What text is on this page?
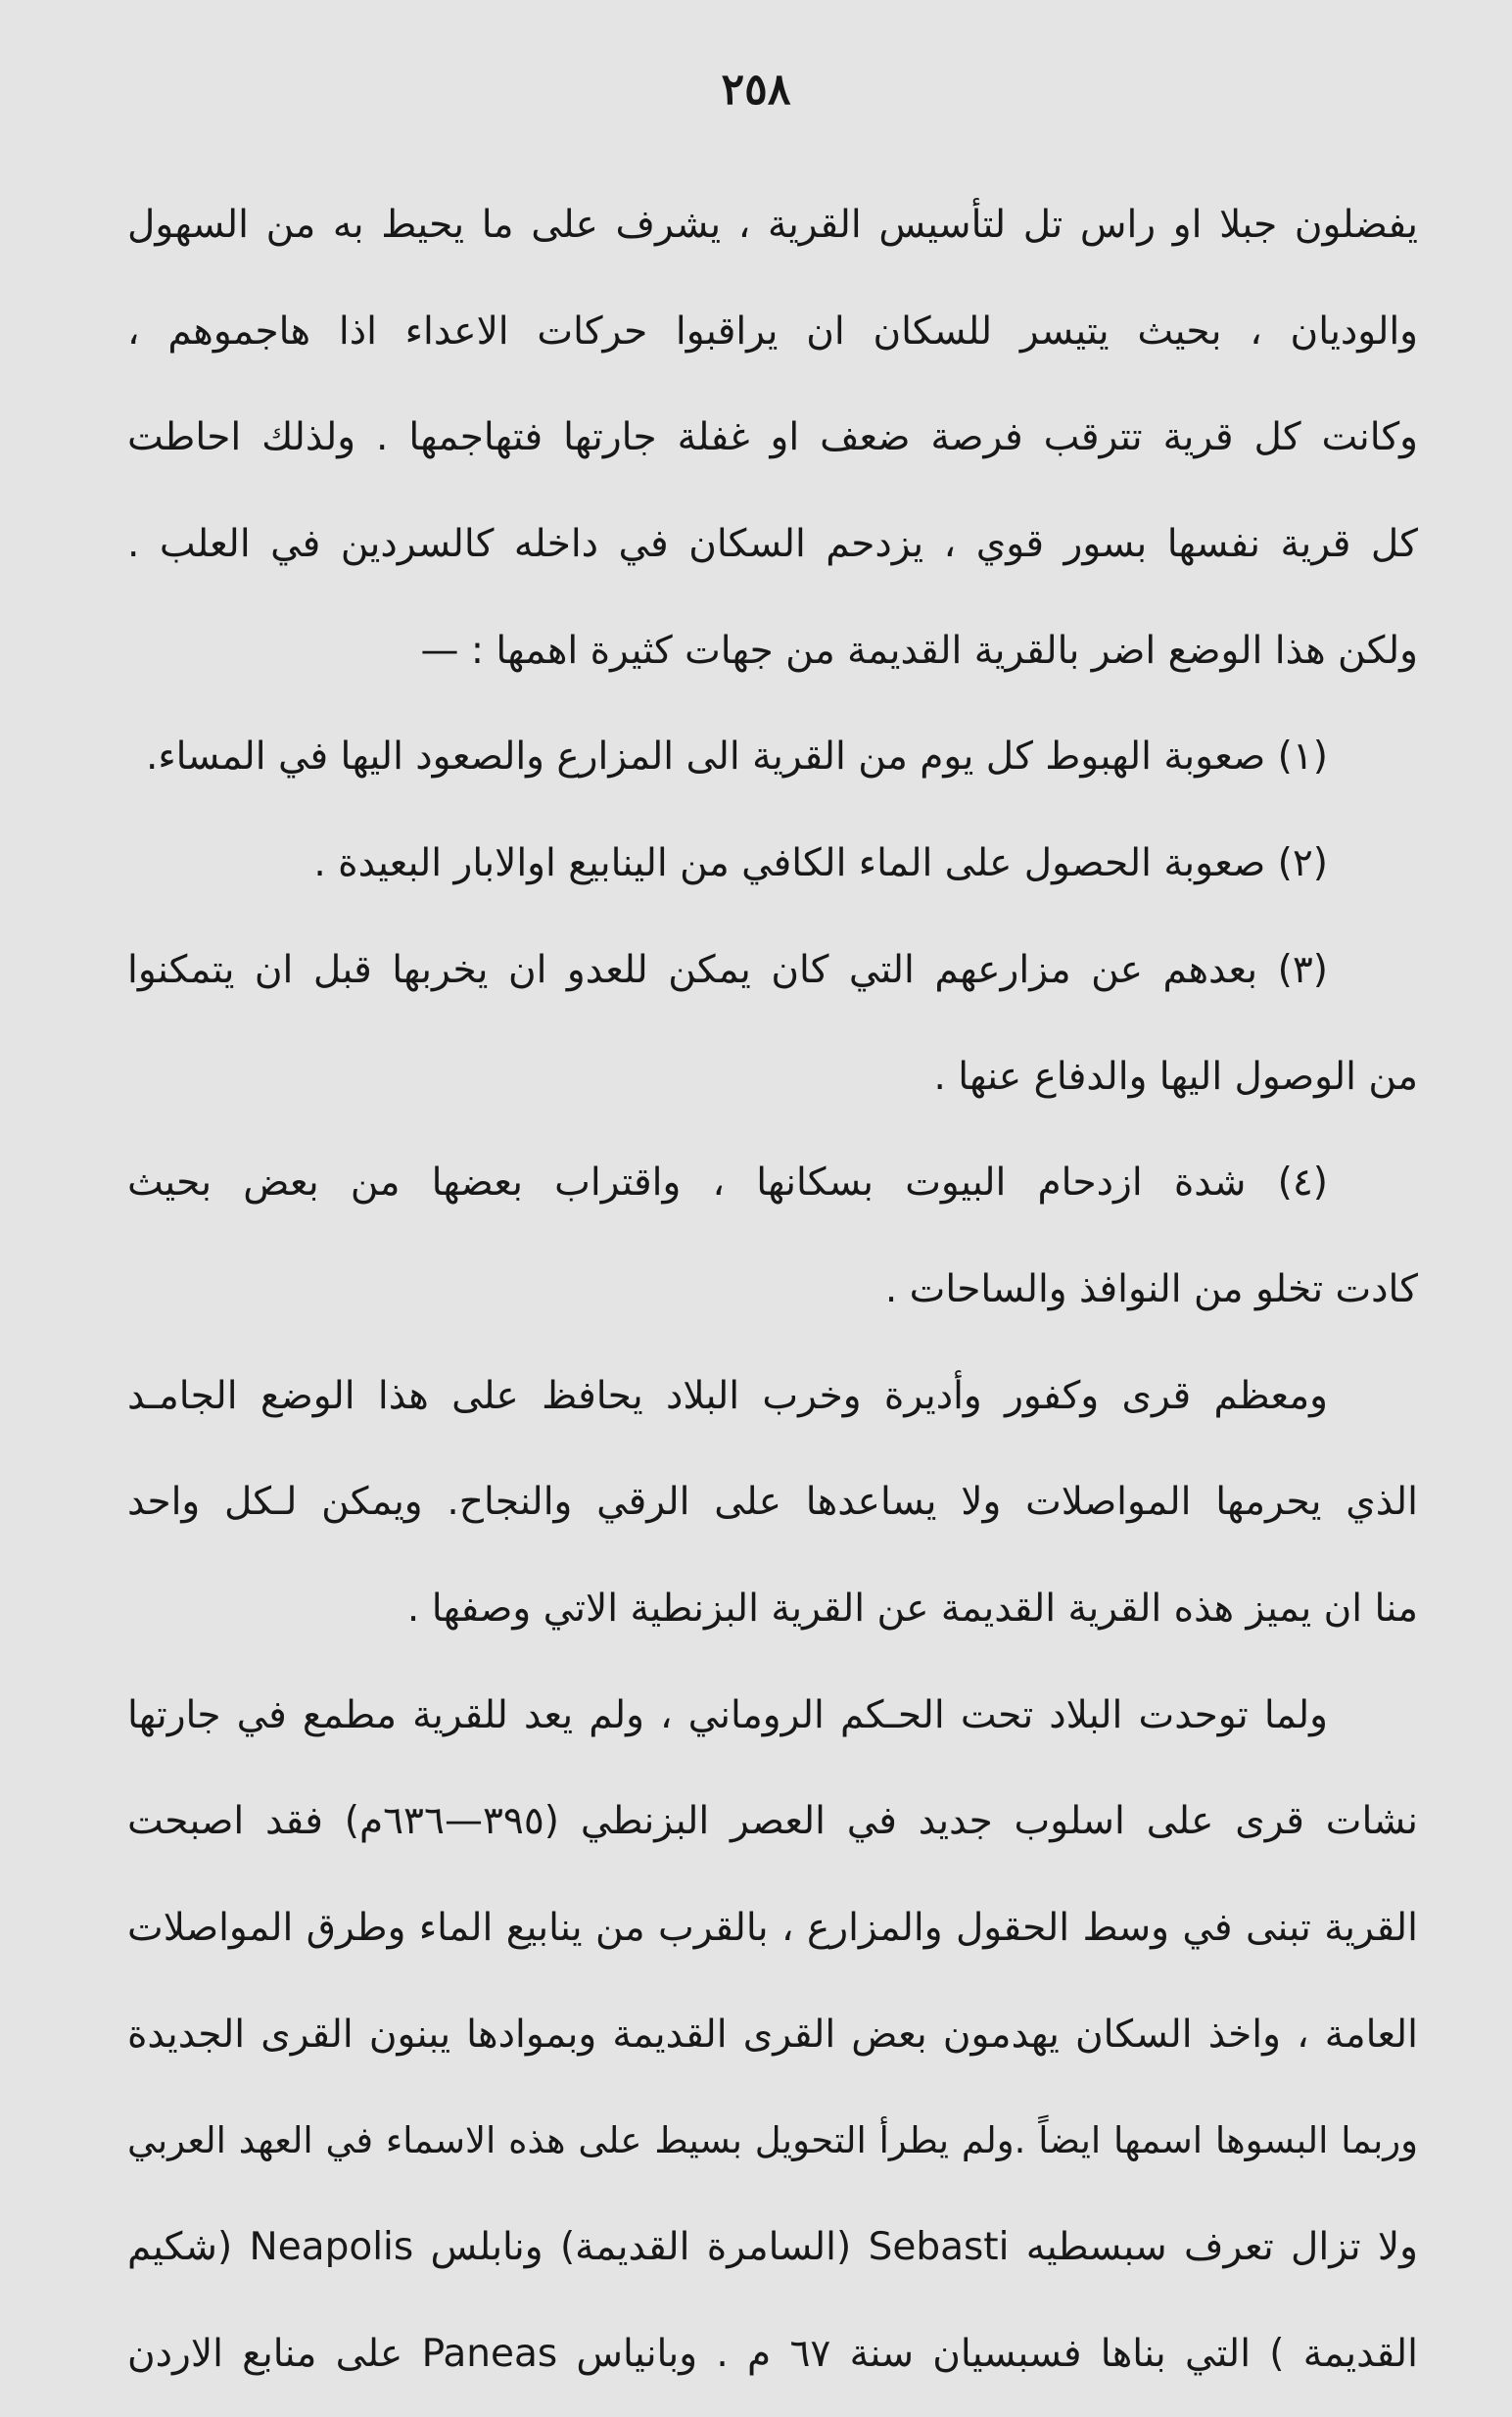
٢٥٨
يفضلون جبلا او راس تل لتأسيس القرية ، يشرف على ما يحيط به من السهول
والوديان ، بحيث يتيسر للسكان ان يراقبوا حركات الاعداء اذا هاجموهم ،
وكانت كل قرية تترقب فرصة ضعف او غفلة جارتها فتهاجمها . ولذلك احاطت
كل قرية نفسها بسور قوي ، يزدحم السكان في داخله كالسردين في العلب .
ولكن هذا الوضع اضر بالقرية القديمة من جهات كثيرة اهمها : —
(١) صعوبة الهبوط كل يوم من القرية الى المزارع والصعود اليها في المساء.
(٢) صعوبة الحصول على الماء الكافي من الينابيع اوالابار البعيدة .
(٣) بعدهم عن مزارعهم التي كان يمكن للعدو ان يخربها قبل ان يتمكنوا
من الوصول اليها والدفاع عنها .
(٤) شدة ازدحام البيوت بسكانها ، واقتراب بعضها من بعض بحيث
كادت تخلو من النوافذ والساحات .
ومعظم قرى وكفور وأديرة وخرب البلاد يحافظ على هذا الوضع الجامـد
الذي يحرمها المواصلات ولا يساعدها على الرقي والنجاح. ويمكن لـكل واحد
منا ان يميز هذه القرية القديمة عن القرية البزنطية الاتي وصفها .
ولما توحدت البلاد تحت الحـكم الروماني ، ولم يعد للقرية مطمع في جارتها
نشات قرى على اسلوب جديد في العصر البزنطي (٣٩٥—٦٣٦م) فقد اصبحت
القرية تبنى في وسط الحقول والمزارع ، بالقرب من ينابيع الماء وطرق المواصلات
العامة ، واخذ السكان يهدمون بعض القرى القديمة وبموادها يبنون القرى الجديدة
وربما البسوها اسمها ايضاً .ولم يطرأ التحويل بسيط على هذه الاسماء في العهد العربي
ولا تزال تعرف سبسطيه Sebasti (السامرة القديمة) ونابلس Neapolis (شكيم
القديمة ) التي بناها فسبسيان سنة ٦٧ م . وبانياس Paneas على منابع الاردن
